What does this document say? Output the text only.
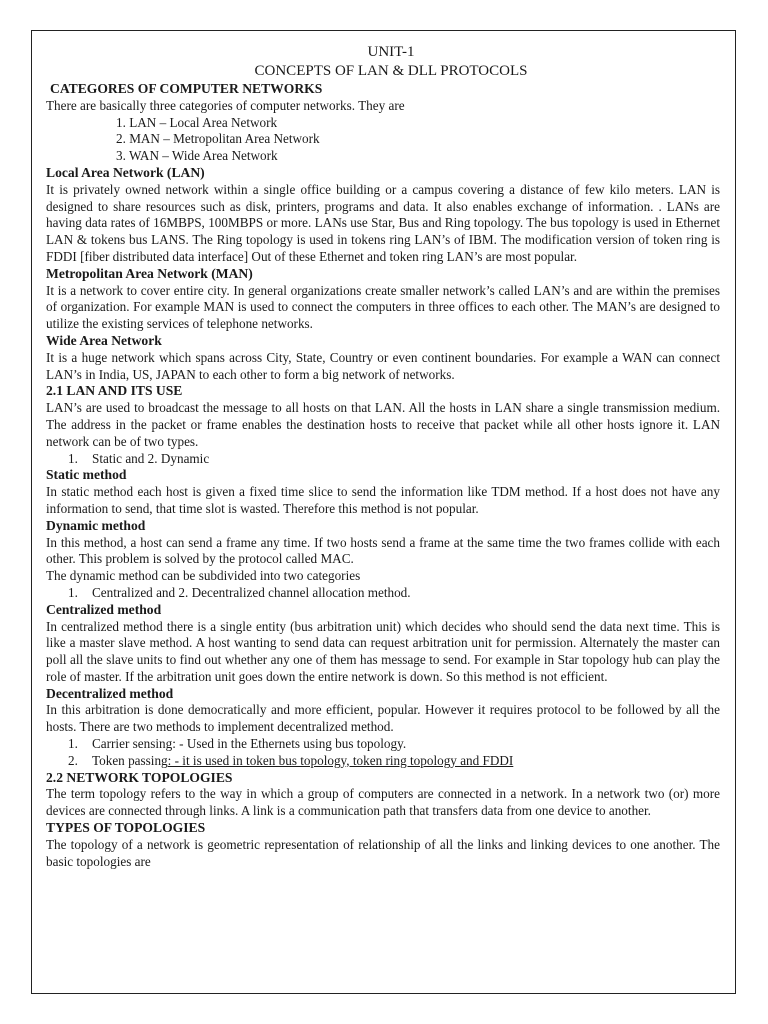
UNIT-1
CONCEPTS OF LAN & DLL PROTOCOLS
CATEGORES OF COMPUTER NETWORKS

There are basically three categories of computer networks. They are

1. LAN – Local Area Network
2. MAN – Metropolitan Area Network
3. WAN – Wide Area Network
Local Area Network (LAN)

It is privately owned network within a single office building or a campus covering a distance of few kilo meters. LAN is designed to share resources such as disk, printers, programs and data. It also enables exchange of information. . LANs are having data rates of 16MBPS, 100MBPS or more. LANs use Star, Bus and Ring topology. The bus topology is used in Ethernet LAN & tokens bus LANS. The Ring topology is used in tokens ring LAN’s of IBM. The modification version of token ring is FDDI [fiber distributed data interface] Out of these Ethernet and token ring LAN’s are most popular.

Metropolitan Area Network (MAN)

It is a network to cover entire city. In general organizations create smaller network’s called LAN’s and are within the premises of organization. For example MAN is used to connect the computers in three offices to each other. The MAN’s are designed to utilize the existing services of telephone networks.

Wide Area Network

It is a huge network which spans across City, State, Country or even continent boundaries. For example a WAN can connect LAN’s in India, US, JAPAN to each other to form a big network of networks.

2.1 LAN AND ITS USE

LAN’s are used to broadcast the message to all hosts on that LAN. All the hosts in LAN share a single transmission medium. The address in the packet or frame enables the destination hosts to receive that packet while all other hosts ignore it. LAN network can be of two types.

1. Static and 2. Dynamic
Static method

In static method each host is given a fixed time slice to send the information like TDM method. If a host does not have any information to send, that time slot is wasted. Therefore this method is not popular.

Dynamic method

In this method, a host can send a frame any time. If two hosts send a frame at the same time the two frames collide with each other. This problem is solved by the protocol called MAC.

The dynamic method can be subdivided into two categories

1. Centralized and 2. Decentralized channel allocation method.
Centralized method

In centralized method there is a single entity (bus arbitration unit) which decides who should send the data next time. This is like a master slave method. A host wanting to send data can request arbitration unit for permission. Alternately the master can poll all the slave units to find out whether any one of them has message to send. For example in Star topology hub can play the role of master. If the arbitration unit goes down the entire network is down. So this method is not efficient.

Decentralized method

In this arbitration is done democratically and more efficient, popular. However it requires protocol to be followed by all the hosts. There are two methods to implement decentralized method.

1. Carrier sensing: - Used in the Ethernets using bus topology.
2. Token passing: - it is used in token bus topology, token ring topology and FDDI
2.2 NETWORK TOPOLOGIES

The term topology refers to the way in which a group of computers are connected in a network. In a network two (or) more devices are connected through links. A link is a communication path that transfers data from one device to another.

TYPES OF TOPOLOGIES

The topology of a network is geometric representation of relationship of all the links and linking devices to one another. The basic topologies are
